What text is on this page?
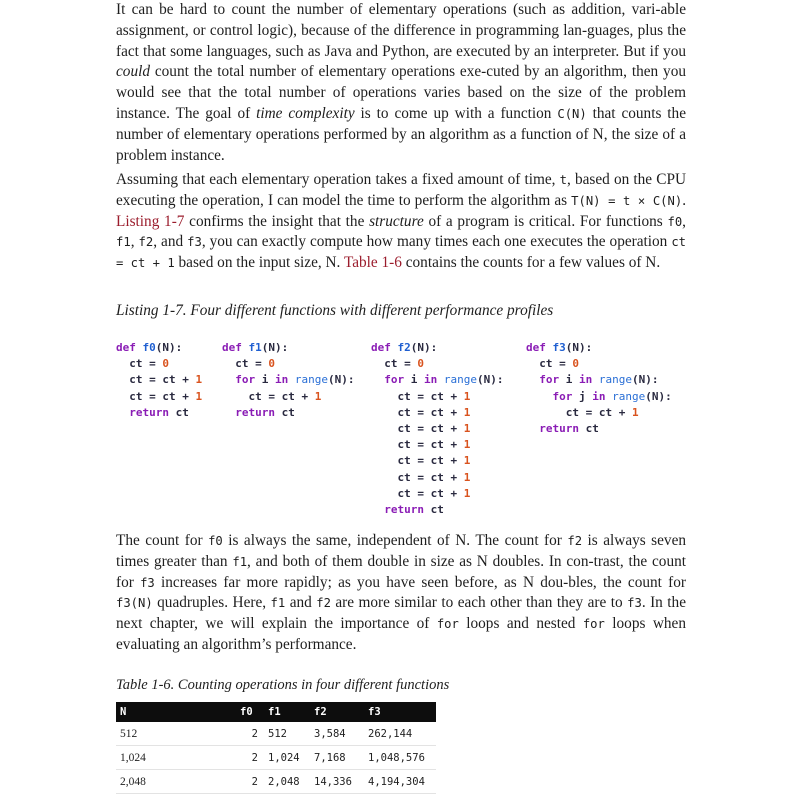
It can be hard to count the number of elementary operations (such as addition, vari-able assignment, or control logic), because of the difference in programming lan-guages, plus the fact that some languages, such as Java and Python, are executed by an interpreter. But if you could count the total number of elementary operations exe-cuted by an algorithm, then you would see that the total number of operations varies based on the size of the problem instance. The goal of time complexity is to come up with a function C(N) that counts the number of elementary operations performed by an algorithm as a function of N, the size of a problem instance.

Assuming that each elementary operation takes a fixed amount of time, t, based on the CPU executing the operation, I can model the time to perform the algorithm as T(N) = t × C(N). Listing 1-7 confirms the insight that the structure of a program is critical. For functions f0, f1, f2, and f3, you can exactly compute how many times each one executes the operation ct = ct + 1 based on the input size, N. Table 1-6 contains the counts for a few values of N.

Listing 1-7. Four different functions with different performance profiles

def f0(N):
ct = 0
ct = ct + 1
ct = ct + 1
return ct
def f1(N):
ct = 0
for i in range(N):
ct = ct + 1
return ct
def f2(N):
ct = 0
for i in range(N):
ct = ct + 1
ct = ct + 1
ct = ct + 1
ct = ct + 1
ct = ct + 1
ct = ct + 1
ct = ct + 1
return ct
def f3(N):
ct = 0
for i in range(N):
for j in range(N):
ct = ct + 1
return ct

The count for f0 is always the same, independent of N. The count for f2 is always seven times greater than f1, and both of them double in size as N doubles. In con-trast, the count for f3 increases far more rapidly; as you have seen before, as N dou-bles, the count for f3(N) quadruples. Here, f1 and f2 are more similar to each other than they are to f3. In the next chapter, we will explain the importance of for loops and nested for loops when evaluating an algorithm’s performance.

Table 1-6. Counting operations in four different functions

N	f0	f1	f2	f3
512	2	512	3,584	262,144
1,024	2	1,024	7,168	1,048,576
2,048	2	2,048	14,336	4,194,304
